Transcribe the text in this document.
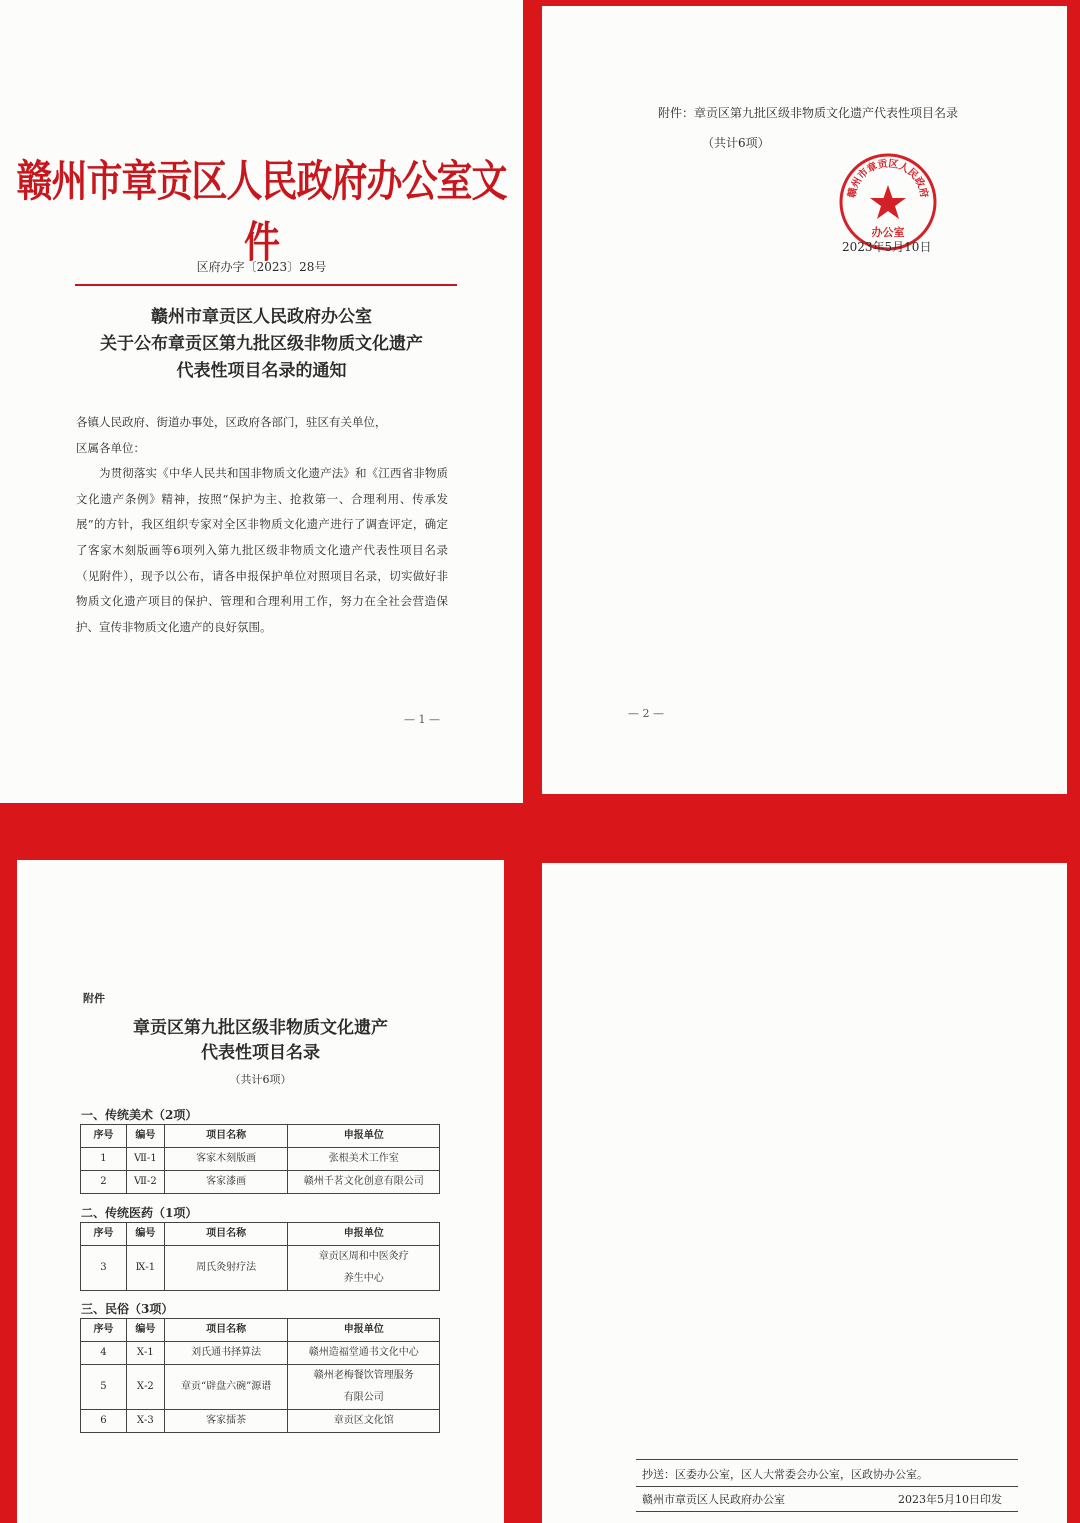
赣州市章贡区人民政府办公室文件
区府办字〔2023〕28号
赣州市章贡区人民政府办公室
关于公布章贡区第九批区级非物质文化遗产
代表性项目名录的通知

各镇人民政府、街道办事处，区政府各部门，驻区有关单位，

区属各单位：

为贯彻落实《中华人民共和国非物质文化遗产法》和《江西省非物质文化遗产条例》精神，按照“保护为主、抢救第一、合理利用、传承发展”的方针，我区组织专家对全区非物质文化遗产进行了调查评定，确定了客家木刻版画等6项列入第九批区级非物质文化遗产代表性项目名录（见附件），现予以公布，请各申报保护单位对照项目名录，切实做好非物质文化遗产项目的保护、管理和合理利用工作，努力在全社会营造保护、宣传非物质文化遗产的良好氛围。

— 1 —
附件：章贡区第九批区级非物质文化遗产代表性项目名录
（共计6项）
赣州市章贡区人民政府
办公室
2023年5月10日
— 2 —
附件
章贡区第九批区级非物质文化遗产
代表性项目名录
（共计6项）
一、传统美术（2项）
序号	编号	项目名称	申报单位
1	Ⅶ-1	客家木刻版画	张根美术工作室
2	Ⅶ-2	客家漆画	赣州千茗文化创意有限公司
二、传统医药（1项）
序号	编号	项目名称	申报单位
3	Ⅸ-1	周氏灸射疗法	章贡区周和中医灸疗
养生中心
三、民俗（3项）
序号	编号	项目名称	申报单位
4	Ⅹ-1	刘氏通书择算法	赣州造福堂通书文化中心
5	Ⅹ-2	章贡“辟盘六碗”源谱	赣州老梅餐饮管理服务
有限公司

6	Ⅹ-3	客家擂茶	章贡区文化馆
抄送：区委办公室，区人大常委会办公室，区政协办公室。
赣州市章贡区人民政府办公室	2023年5月10日印发
